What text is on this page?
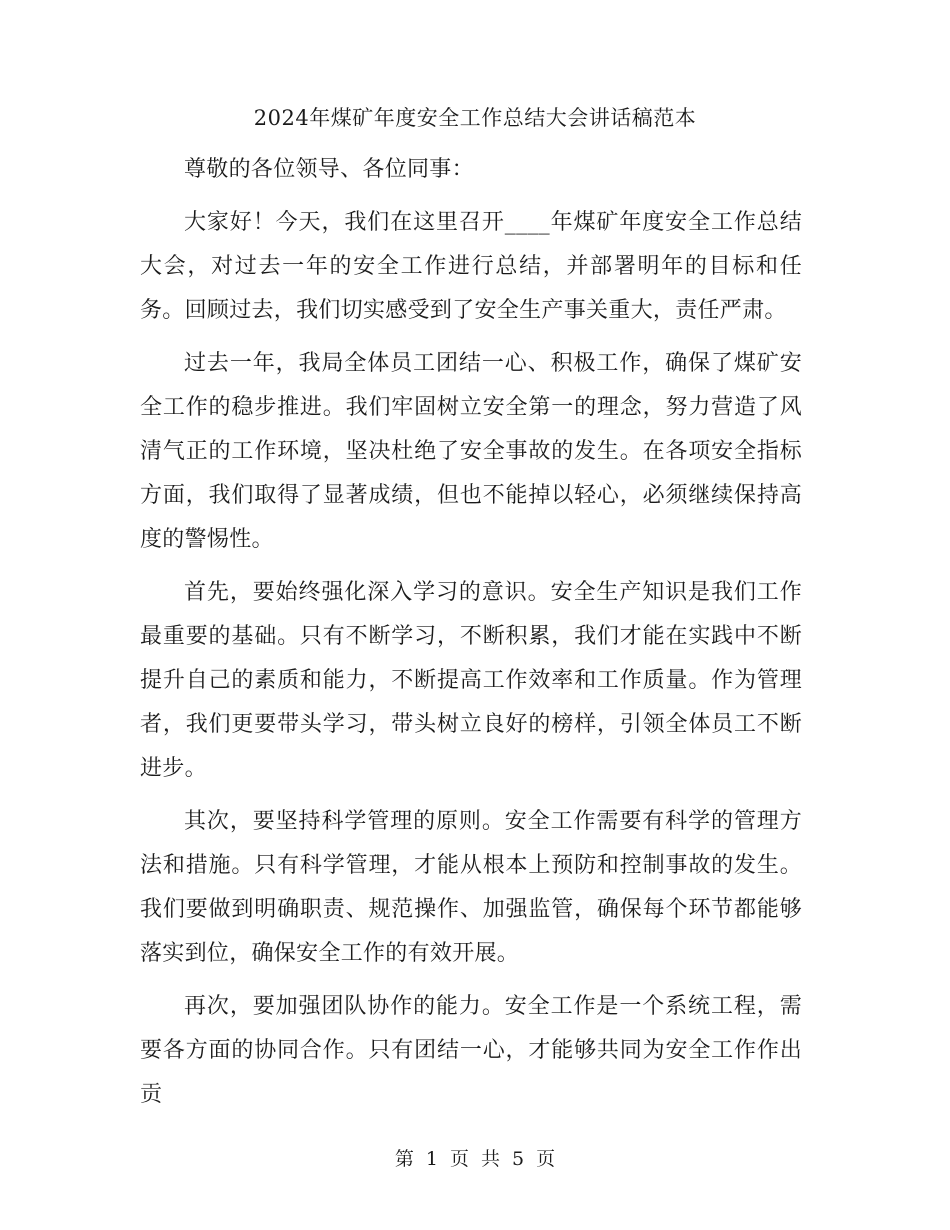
2024年煤矿年度安全工作总结大会讲话稿范本

尊敬的各位领导、各位同事：

大家好！今天，我们在这里召开____年煤矿年度安全工作总结大会，对过去一年的安全工作进行总结，并部署明年的目标和任务。回顾过去，我们切实感受到了安全生产事关重大，责任严肃。

过去一年，我局全体员工团结一心、积极工作，确保了煤矿安全工作的稳步推进。我们牢固树立安全第一的理念，努力营造了风清气正的工作环境，坚决杜绝了安全事故的发生。在各项安全指标方面，我们取得了显著成绩，但也不能掉以轻心，必须继续保持高度的警惕性。

首先，要始终强化深入学习的意识。安全生产知识是我们工作最重要的基础。只有不断学习，不断积累，我们才能在实践中不断提升自己的素质和能力，不断提高工作效率和工作质量。作为管理者，我们更要带头学习，带头树立良好的榜样，引领全体员工不断进步。

其次，要坚持科学管理的原则。安全工作需要有科学的管理方法和措施。只有科学管理，才能从根本上预防和控制事故的发生。我们要做到明确职责、规范操作、加强监管，确保每个环节都能够落实到位，确保安全工作的有效开展。

再次，要加强团队协作的能力。安全工作是一个系统工程，需要各方面的协同合作。只有团结一心，才能够共同为安全工作作出贡

第 1 页 共 5 页
